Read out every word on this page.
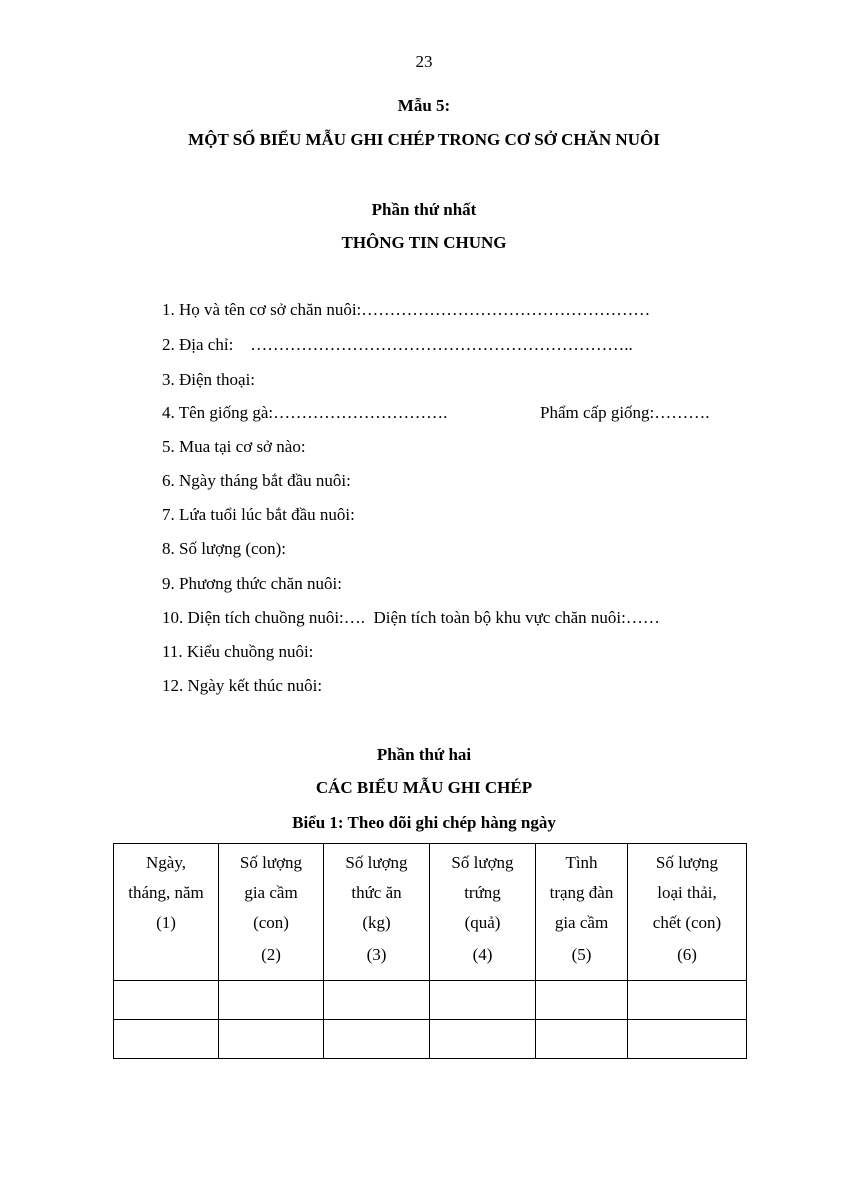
23
Mẫu 5:
MỘT SỐ BIỂU MẪU GHI CHÉP TRONG CƠ SỞ CHĂN NUÔI
Phần thứ nhất
THÔNG TIN CHUNG
1. Họ và tên cơ sở chăn nuôi:……………………………………………
2. Địa chỉ:    …………………………………………………………..
3. Điện thoại:
4. Tên giống gà:………………………….	Phẩm cấp giống:……….
5. Mua tại cơ sở nào:
6. Ngày tháng bắt đầu nuôi:
7. Lứa tuổi lúc bắt đầu nuôi:
8. Số lượng (con):
9. Phương thức chăn nuôi:
10. Diện tích chuồng nuôi:….  Diện tích toàn bộ khu vực chăn nuôi:……
11. Kiểu chuồng nuôi:
12. Ngày kết thúc nuôi:
Phần thứ hai
CÁC BIỂU MẪU GHI CHÉP
Biểu 1: Theo dõi ghi chép hàng ngày
Ngày,
tháng, năm
(1)	Số lượng
gia cầm
(con)
(2)	Số lượng
thức ăn
(kg)
(3)	Số lượng
trứng
(quả)
(4)	Tình
trạng đàn
gia cầm
(5)	Số lượng
loại thải,
chết (con)
(6)
